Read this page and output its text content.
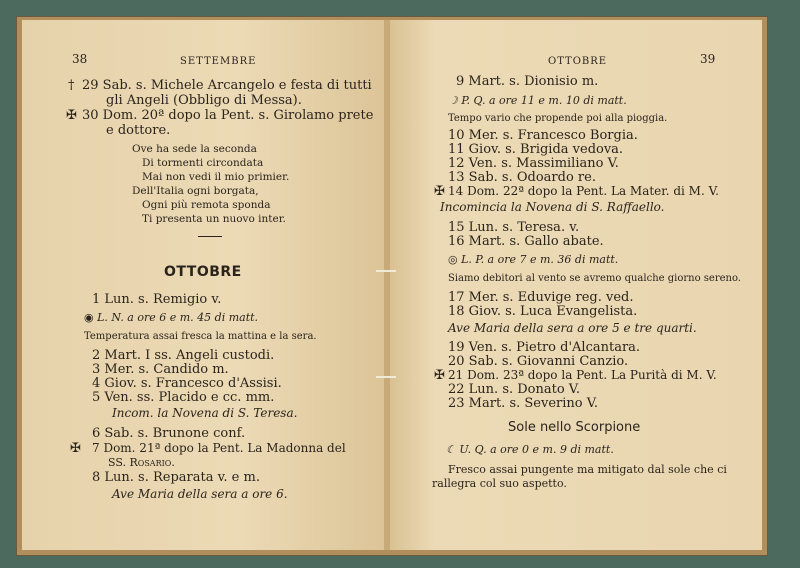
38	SETTEMBRE
† 29 Sab. s. Michele Arcangelo e festa di tutti
gli Angeli (Obbligo di Messa).
✠ 30 Dom. 20ª dopo la Pent. s. Girolamo prete
e dottore.
Ove ha sede la seconda
Di tormenti circondata
Mai non vedi il mio primier.
Dell'Italia ogni borgata,
Ogni più remota sponda
Ti presenta un nuovo inter.
OTTOBRE
1 Lun. s. Remigio v.
◉ L. N. a ore 6 e m. 45 di matt.
Temperatura assai fresca la mattina e la sera.
2 Mart. I ss. Angeli custodi.
3 Mer. s. Candido m.
4 Giov. s. Francesco d'Assisi.
5 Ven. ss. Placido e cc. mm.
Incom. la Novena di S. Teresa.
6 Sab. s. Brunone conf.
✠ 7 Dom. 21ª dopo la Pent. La Madonna del
SS. Rosario.
8 Lun. s. Reparata v. e m.
Ave Maria della sera a ore 6.
OTTOBRE	39
9 Mart. s. Dionisio m.
☽ P. Q. a ore 11 e m. 10 di matt.
Tempo vario che propende poi alla pioggia.
10 Mer. s. Francesco Borgia.
11 Giov. s. Brigida vedova.
12 Ven. s. Massimiliano V.
13 Sab. s. Odoardo re.
✠ 14 Dom. 22ª dopo la Pent. La Mater. di M. V.
Incomincia la Novena di S. Raffaello.
15 Lun. s. Teresa. v.
16 Mart. s. Gallo abate.
◎ L. P. a ore 7 e m. 36 di matt.
Siamo debitori al vento se avremo qualche giorno sereno.
17 Mer. s. Eduvige reg. ved.
18 Giov. s. Luca Evangelista.
Ave Maria della sera a ore 5 e tre quarti.
19 Ven. s. Pietro d'Alcantara.
20 Sab. s. Giovanni Canzio.
✠ 21 Dom. 23ª dopo la Pent. La Purità di M. V.
22 Lun. s. Donato V.
23 Mart. s. Severino V.
Sole nello Scorpione
☾ U. Q. a ore 0 e m. 9 di matt.
Fresco assai pungente ma mitigato dal sole che ci
rallegra col suo aspetto.
